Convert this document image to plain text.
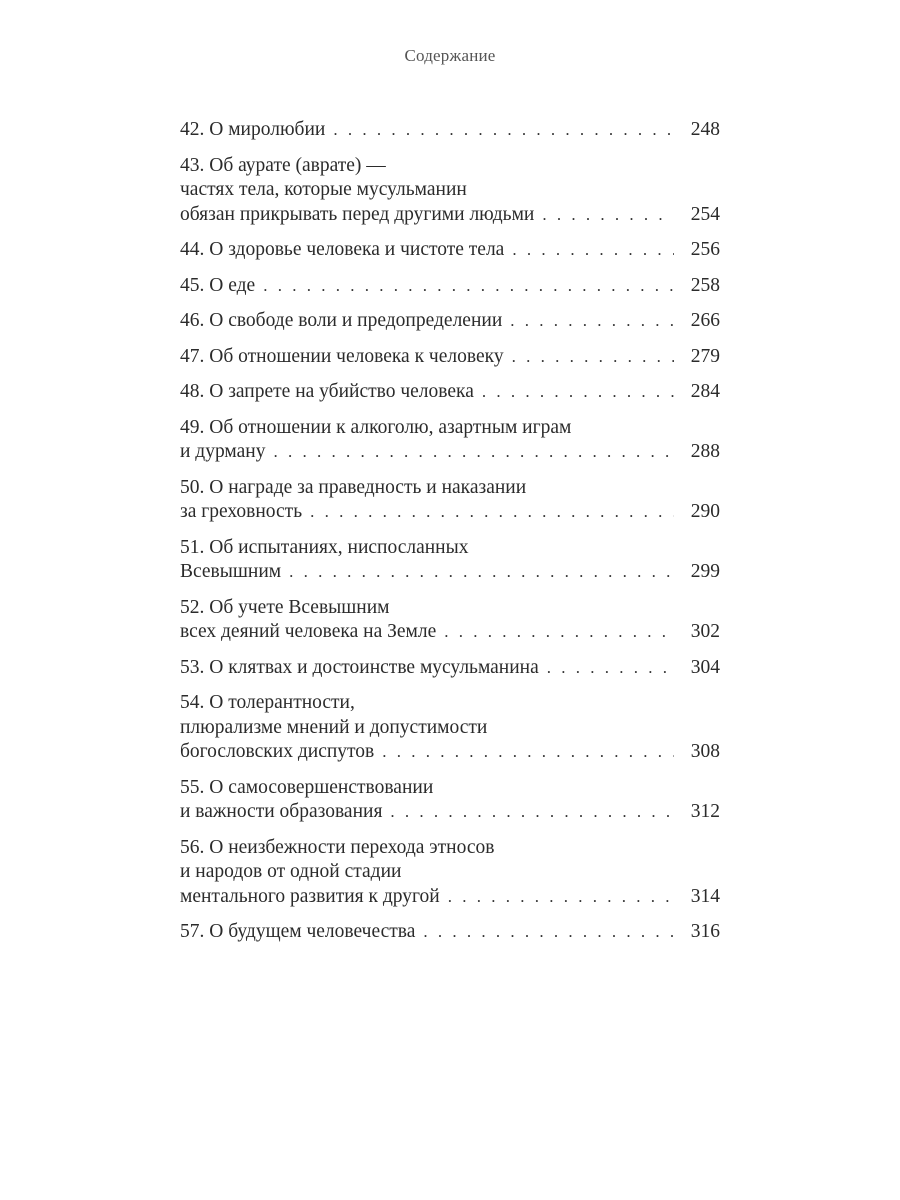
Содержание
42. О миролюбии . . .	248
43. Об аурате (аврате) —
частях тела, которые мусульманин
обязан прикрывать перед другими людьми . . .	254
44. О здоровье человека и чистоте тела . . .	256
45. О еде . . .	258
46. О свободе воли и предопределении . . .	266
47. Об отношении человека к человеку . . .	279
48. О запрете на убийство человека . . .	284
49. Об отношении к алкоголю, азартным играм
и дурману . . .	288
50. О награде за праведность и наказании
за греховность . . .	290
51. Об испытаниях, ниспосланных
Всевышним . . .	299
52. Об учете Всевышним
всех деяний человека на Земле . . .	302
53. О клятвах и достоинстве мусульманина . . .	304
54. О толерантности,
плюрализме мнений и допустимости
богословских диспутов . . .	308
55. О самосовершенствовании
и важности образования . . .	312
56. О неизбежности перехода этносов
и народов от одной стадии
ментального развития к другой . . .	314
57. О будущем человечества . . .	316
